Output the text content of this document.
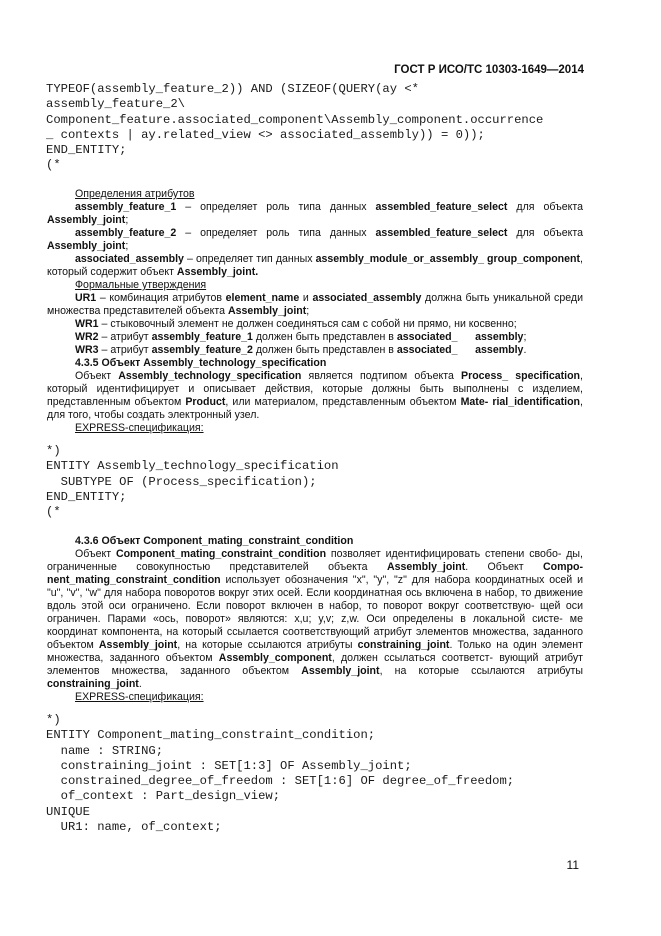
ГОСТ Р ИСО/ТС 10303-1649—2014
TYPEOF(assembly_feature_2)) AND (SIZEOF(QUERY(ay <*
assembly_feature_2\
Component_feature.associated_component\Assembly_component.occurrence
_ contexts | ay.related_view <> associated_assembly)) = 0));
END_ENTITY;
(*

Определения атрибутов

assembly_feature_1 – определяет роль типа данных assembled_feature_select для объекта Assembly_joint;

assembly_feature_2 – определяет роль типа данных assembled_feature_select для объекта Assembly_joint;

associated_assembly – определяет тип данных assembly_module_or_assembly_ group_component, который содержит объект Assembly_joint.

Формальные утверждения

UR1 – комбинация атрибутов element_name и associated_assembly должна быть уникальной среди множества представителей объекта Assembly_joint;

WR1 – стыковочный элемент не должен соединяться сам с собой ни прямо, ни косвенно;

WR2 – атрибут assembly_feature_1 должен быть представлен в associated_      assembly;

WR3 – атрибут assembly_feature_2 должен быть представлен в associated_      assembly.

4.3.5 Объект Assembly_technology_specification

Объект Assembly_technology_specification является подтипом объекта Process_ specification, который идентифицирует и описывает действия, которые должны быть выполнены с изделием, представленным объектом Product, или материалом, представленным объектом Mate- rial_identification, для того, чтобы создать электронный узел.

EXPRESS-спецификация:

*)
ENTITY Assembly_technology_specification
SUBTYPE OF (Process_specification);
END_ENTITY;
(*

4.3.6 Объект Component_mating_constraint_condition

Объект Component_mating_constraint_condition позволяет идентифицировать степени свобо- ды, ограниченные совокупностью представителей объекта Assembly_joint. Объект Compo- nent_mating_constraint_condition использует обозначения "x", "y", "z" для набора координатных осей и "u", "v", "w" для набора поворотов вокруг этих осей. Если координатная ось включена в набор, то движение вдоль этой оси ограничено. Если поворот включен в набор, то поворот вокруг соответствую- щей оси ограничен. Парами «ось, поворот» являются: x,u; y,v; z,w. Оси определены в локальной систе- ме координат компонента, на который ссылается соответствующий атрибут элементов множества, заданного объектом Assembly_joint, на которые ссылаются атрибуты constraining_joint. Только на один элемент множества, заданного объектом Assembly_component, должен ссылаться соответст- вующий атрибут элементов множества, заданного объектом Assembly_joint, на которые ссылаются атрибуты constraining_joint.

EXPRESS-спецификация:

*)
ENTITY Component_mating_constraint_condition;
name : STRING;
constraining_joint : SET[1:3] OF Assembly_joint;
constrained_degree_of_freedom : SET[1:6] OF degree_of_freedom;
of_context : Part_design_view;
UNIQUE
UR1: name, of_context;
11
